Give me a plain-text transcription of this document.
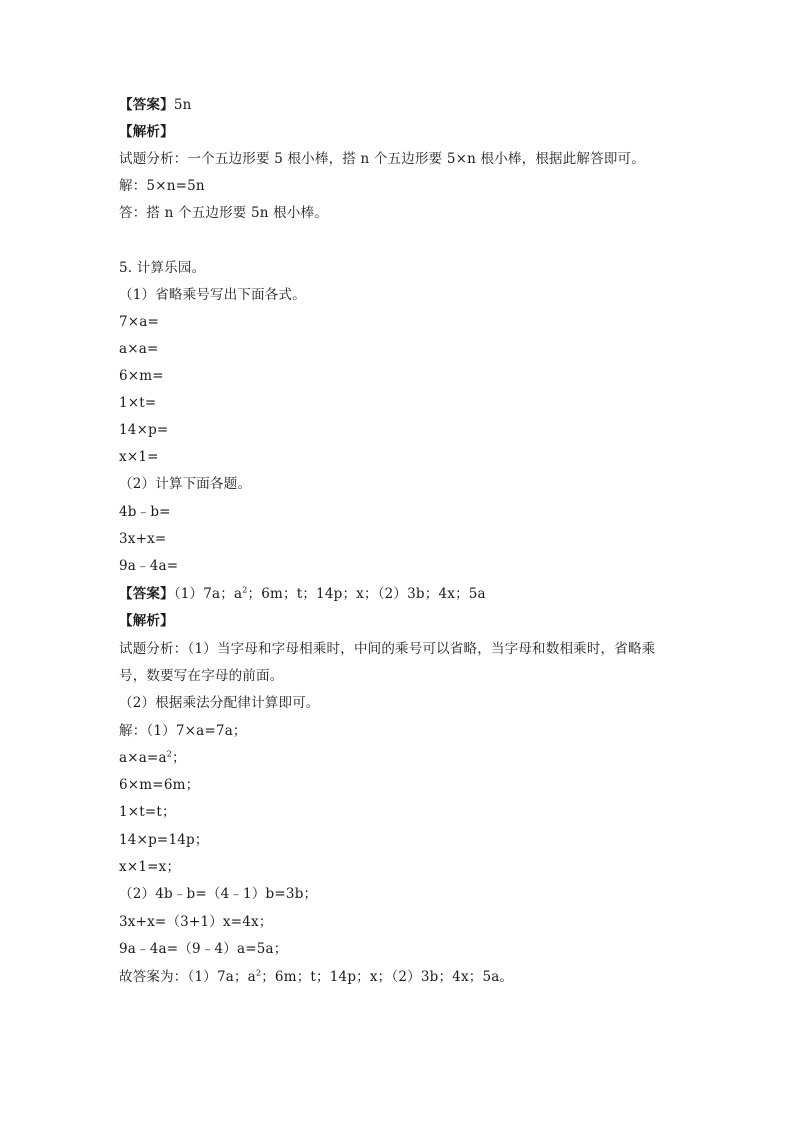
【答案】5n
【解析】
试题分析：一个五边形要 5 根小棒，搭 n 个五边形要 5×n 根小棒，根据此解答即可。
解：5×n=5n
答：搭 n 个五边形要 5n 根小棒。
5. 计算乐园。
（1）省略乘号写出下面各式。
7×a=
a×a=
6×m=
1×t=
14×p=
x×1=
（2）计算下面各题。
4b﹣b=
3x+x=
9a﹣4a=
【答案】（1）7a；$a^2$；6m；t；14p；x；（2）3b；4x；5a
【解析】
试题分析：（1）当字母和字母相乘时，中间的乘号可以省略，当字母和数相乘时，省略乘
号，数要写在字母的前面。
（2）根据乘法分配律计算即可。
解：（1）7×a=7a；
$a\times a=a^2$；
6×m=6m；
1×t=t；
14×p=14p；
x×1=x；
（2）4b﹣b=（4﹣1）b=3b；
3x+x=（3+1）x=4x；
9a﹣4a=（9﹣4）a=5a；
故答案为：（1）7a；$a^2$；6m；t；14p；x；（2）3b；4x；5a。
